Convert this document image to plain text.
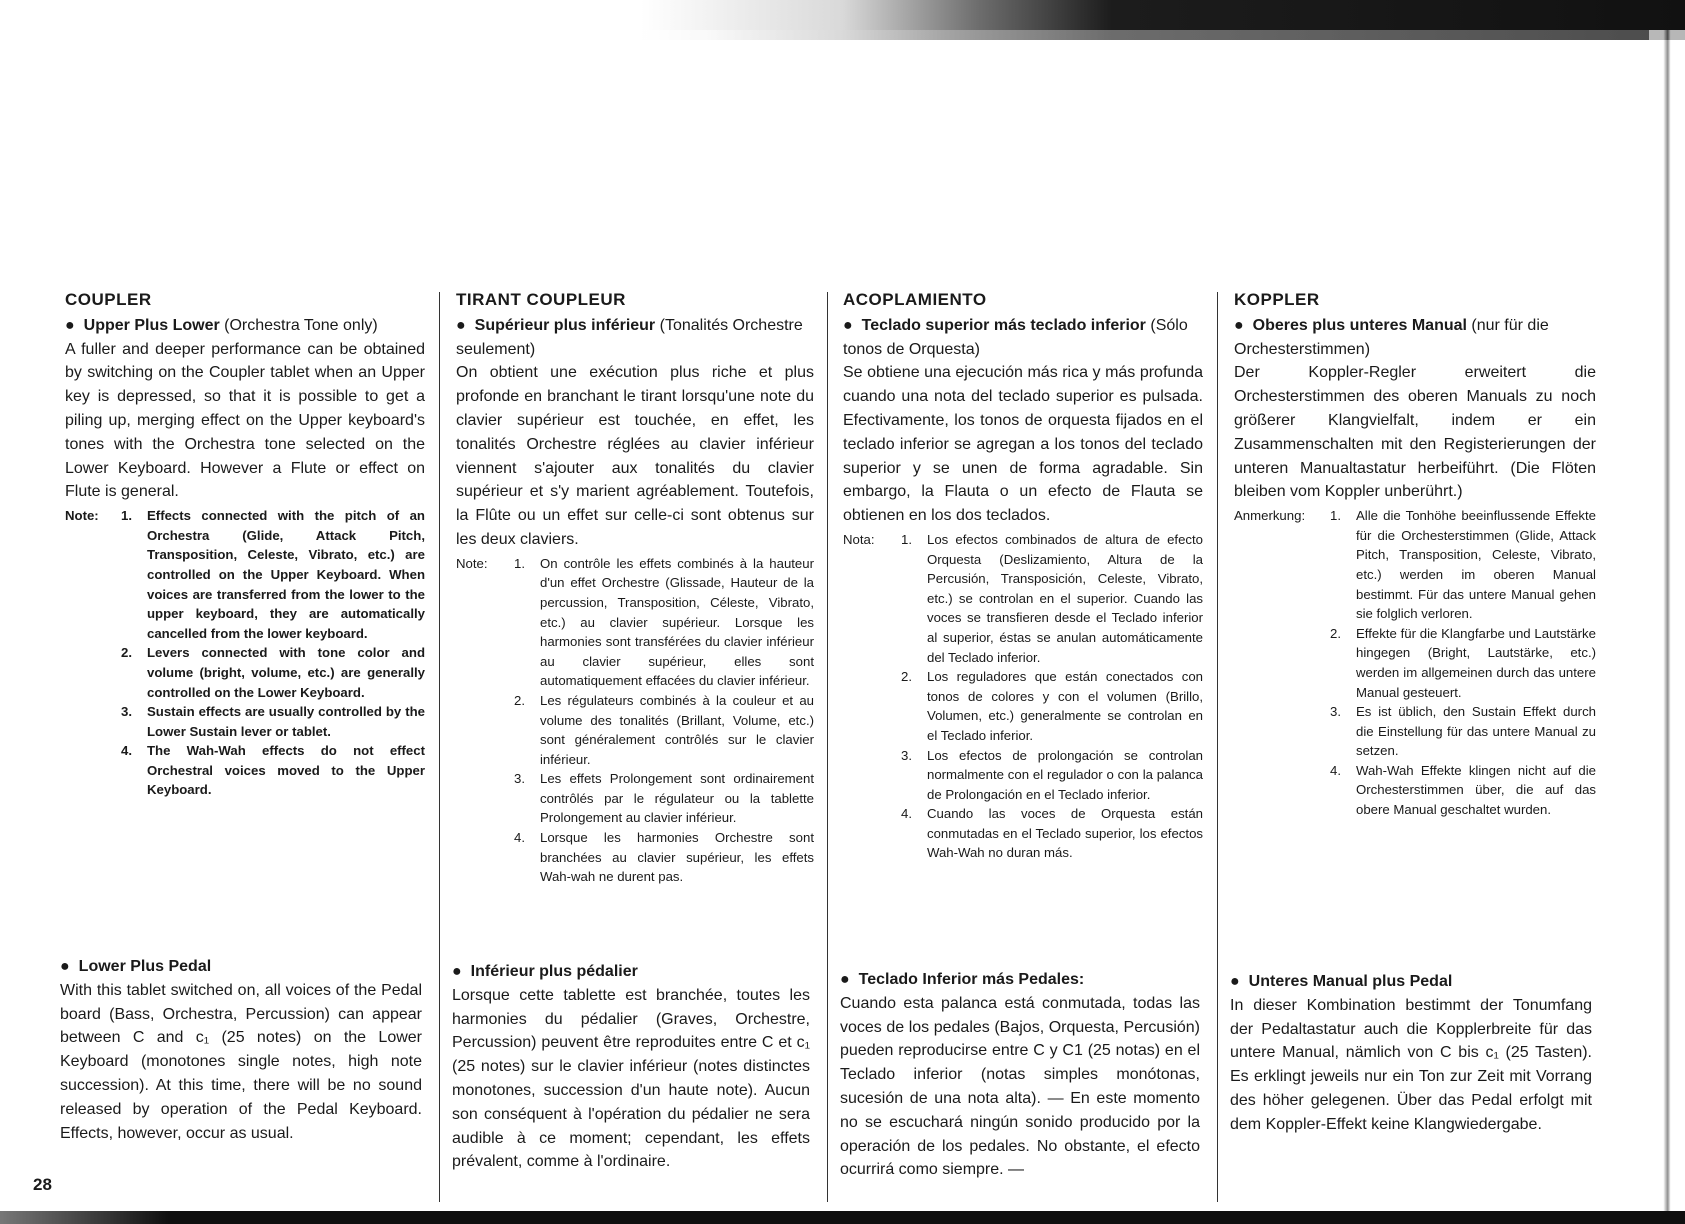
COUPLER

● Upper Plus Lower (Orchestra Tone only)

A fuller and deeper performance can be obtained by switching on the Coupler tablet when an Upper key is depressed, so that it is possible to get a piling up, merging effect on the Upper keyboard's tones with the Orchestra tone selected on the Lower Keyboard. However a Flute or effect on Flute is general.

Note:	1.	Effects connected with the pitch of an Orchestra (Glide, Attack Pitch, Transposition, Celeste, Vibrato, etc.) are controlled on the Upper Keyboard. When voices are transferred from the lower to the upper keyboard, they are automatically cancelled from the lower keyboard.
2.	Levers connected with tone color and volume (bright, volume, etc.) are generally controlled on the Lower Keyboard.
3.	Sustain effects are usually controlled by the Lower Sustain lever or tablet.
4.	The Wah-Wah effects do not effect Orchestral voices moved to the Upper Keyboard.

● Lower Plus Pedal

With this tablet switched on, all voices of the Pedal board (Bass, Orchestra, Percussion) can appear between C and c₁ (25 notes) on the Lower Keyboard (monotones single notes, high note succession). At this time, there will be no sound released by operation of the Pedal Keyboard. Effects, however, occur as usual.

TIRANT COUPLEUR

● Supérieur plus inférieur (Tonalités Orchestre seulement)

On obtient une exécution plus riche et plus profonde en branchant le tirant lorsqu'une note du clavier supérieur est touchée, en effet, les tonalités Orchestre réglées au clavier inférieur viennent s'ajouter aux tonalités du clavier supérieur et s'y marient agréablement. Toutefois, la Flûte ou un effet sur celle-ci sont obtenus sur les deux claviers.

Note:	1.	On contrôle les effets combinés à la hauteur d'un effet Orchestre (Glissade, Hauteur de la percussion, Transposition, Céleste, Vibrato, etc.) au clavier supérieur. Lorsque les harmonies sont transférées du clavier inférieur au clavier supérieur, elles sont automatiquement effacées du clavier inférieur.
2.	Les régulateurs combinés à la couleur et au volume des tonalités (Brillant, Volume, etc.) sont généralement contrôlés sur le clavier inférieur.
3.	Les effets Prolongement sont ordinairement contrôlés par le régulateur ou la tablette Prolongement au clavier inférieur.
4.	Lorsque les harmonies Orchestre sont branchées au clavier supérieur, les effets Wah-wah ne durent pas.

● Inférieur plus pédalier

Lorsque cette tablette est branchée, toutes les harmonies du pédalier (Graves, Orchestre, Percussion) peuvent être reproduites entre C et c₁ (25 notes) sur le clavier inférieur (notes distinctes monotones, succession d'un haute note). Aucun son conséquent à l'opération du pédalier ne sera audible à ce moment; cependant, les effets prévalent, comme à l'ordinaire.

ACOPLAMIENTO

● Teclado superior más teclado inferior (Sólo tonos de Orquesta)

Se obtiene una ejecución más rica y más profunda cuando una nota del teclado superior es pulsada. Efectivamente, los tonos de orquesta fijados en el teclado inferior se agregan a los tonos del teclado superior y se unen de forma agradable. Sin embargo, la Flauta o un efecto de Flauta se obtienen en los dos teclados.

Nota:	1.	Los efectos combinados de altura de efecto Orquesta (Deslizamiento, Altura de la Percusión, Transposición, Celeste, Vibrato, etc.) se controlan en el superior. Cuando las voces se transfieren desde el Teclado inferior al superior, éstas se anulan automáticamente del Teclado inferior.
2.	Los reguladores que están conectados con tonos de colores y con el volumen (Brillo, Volumen, etc.) generalmente se controlan en el Teclado inferior.
3.	Los efectos de prolongación se controlan normalmente con el regulador o con la palanca de Prolongación en el Teclado inferior.
4.	Cuando las voces de Orquesta están conmutadas en el Teclado superior, los efectos Wah-Wah no duran más.

● Teclado Inferior más Pedales:

Cuando esta palanca está conmutada, todas las voces de los pedales (Bajos, Orquesta, Percusión) pueden reproducirse entre C y C1 (25 notas) en el Teclado inferior (notas simples monótonas, sucesión de una nota alta). — En este momento no se escuchará ningún sonido producido por la operación de los pedales. No obstante, el efecto ocurrirá como siempre. —

KOPPLER

● Oberes plus unteres Manual (nur für die Orchesterstimmen)

Der Koppler-Regler erweitert die Orchesterstimmen des oberen Manuals zu noch größerer Klangvielfalt, indem er ein Zusammenschalten mit den Registerierungen der unteren Manualtastatur herbeiführt. (Die Flöten bleiben vom Koppler unberührt.)

Anmerkung:	1.	Alle die Tonhöhe beeinflussende Effekte für die Orchesterstimmen (Glide, Attack Pitch, Transposition, Celeste, Vibrato, etc.) werden im oberen Manual bestimmt. Für das untere Manual gehen sie folglich verloren.
2.	Effekte für die Klangfarbe und Lautstärke hingegen (Bright, Lautstärke, etc.) werden im allgemeinen durch das untere Manual gesteuert.
3.	Es ist üblich, den Sustain Effekt durch die Einstellung für das untere Manual zu setzen.
4.	Wah-Wah Effekte klingen nicht auf die Orchesterstimmen über, die auf das obere Manual geschaltet wurden.

● Unteres Manual plus Pedal

In dieser Kombination bestimmt der Tonumfang der Pedaltastatur auch die Kopplerbreite für das untere Manual, nämlich von C bis c₁ (25 Tasten). Es erklingt jeweils nur ein Ton zur Zeit mit Vorrang des höher gelegenen. Über das Pedal erfolgt mit dem Koppler-Effekt keine Klangwiedergabe.

28
